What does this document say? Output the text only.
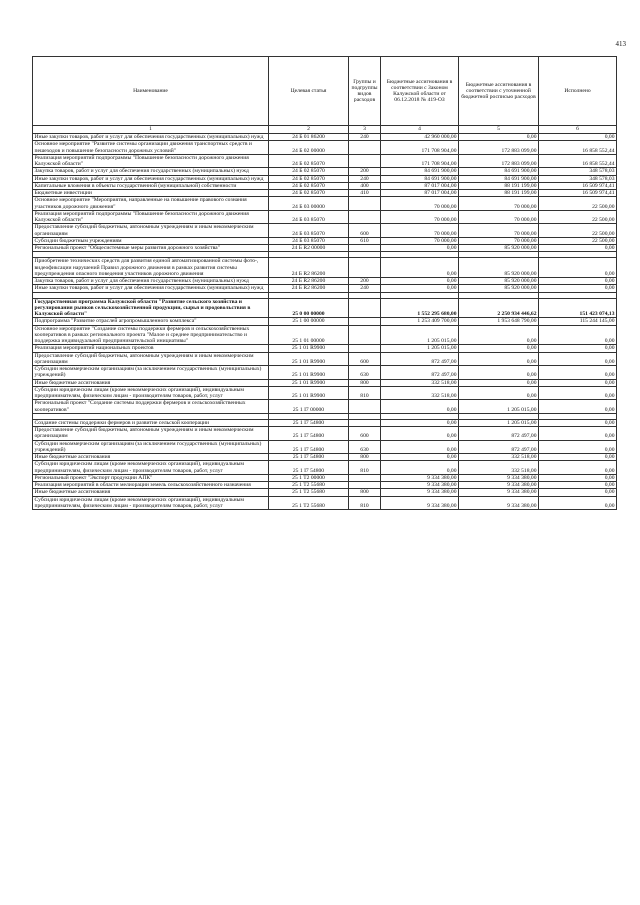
413
Наименование	Целевая статья	Группы и подгруппы видов расходов	Бюджетные ассигнования в соответствии с Законом Калужской области от 06.12.2018 № 419-ОЗ	Бюджетные ассигнования в соответствии с уточненной бюджетной росписью расходов	Исполнено
1	2	3	4	5	6
Иные закупки товаров, работ и услуг для обеспечения государственных (муниципальных) нужд	24 Б 01 86200	240	42 960 000,00	0,00	0,00
Основное мероприятие "Развитие системы организации движения транспортных средств и пешеходов и повышение безопасности дорожных условий"	24 Б 02 00000		171 708 904,00	172 883 099,00	16 858 552,44
Реализация мероприятий подпрограммы "Повышение безопасности дорожного движения Калужской области"	24 Б 02 85070		171 708 904,00	172 883 099,00	16 858 552,44
Закупка товаров, работ и услуг для обеспечения государственных (муниципальных) нужд	24 Б 02 85070	200	84 691 900,00	84 691 900,00	348 578,03
Иные закупки товаров, работ и услуг для обеспечения государственных (муниципальных) нужд	24 Б 02 85070	240	84 691 900,00	84 691 900,00	348 578,03
Капитальные вложения в объекты государственной (муниципальной) собственности	24 Б 02 85070	400	87 017 004,00	88 191 199,00	16 509 974,41
Бюджетные инвестиции	24 Б 02 85070	410	87 017 004,00	88 191 199,00	16 509 974,41
Основное мероприятие "Мероприятия, направленные на повышение правового сознания участников дорожного движения"	24 Б 03 00000		70 000,00	70 000,00	22 500,00
Реализация мероприятий подпрограммы "Повышение безопасности дорожного движения Калужской области"	24 Б 03 85070		70 000,00	70 000,00	22 500,00
Предоставление субсидий бюджетным, автономным учреждениям и иным некоммерческим организациям	24 Б 03 85070	600	70 000,00	70 000,00	22 500,00
Субсидии бюджетным учреждениям	24 Б 03 85070	610	70 000,00	70 000,00	22 500,00
Региональный проект "Общесистемные меры развития дорожного хозяйства"	24 Б R2 00000		0,00	85 920 000,00	0,00

Приобретение технических средств для развития единой автоматизированной системы фото-, видеофиксации нарушений Правил дорожного движения в рамках развития системы предупреждения опасного поведения участников дорожного движения	24 Б R2 86200		0,00	85 920 000,00	0,00
Закупка товаров, работ и услуг для обеспечения государственных (муниципальных) нужд	24 Б R2 86200	200	0,00	85 920 000,00	0,00
Иные закупки товаров, работ и услуг для обеспечения государственных (муниципальных) нужд	24 Б R2 86200	240	0,00	85 920 000,00	0,00

Государственная программа Калужской области "Развитие сельского хозяйства и регулирования рынков сельскохозяйственной продукции, сырья и продовольствия в Калужской области"	25 0 00 00000		1 552 295 680,00	2 250 934 446,62	151 423 074,13
Подпрограмма "Развитие отраслей агропромышленного комплекса"	25 1 00 00000		1 253 409 700,00	1 953 648 790,00	115 244 145,00
Основное мероприятие "Создание системы поддержки фермеров и сельскохозяйственных кооперативов в рамках регионального проекта "Малое и среднее предпринимательство и поддержка индивидуальной предпринимательской инициативы"	25 1 01 00000		1 205 015,00	0,00	0,00
Реализация мероприятий национальных проектов	25 1 01 R9900		1 205 015,00	0,00	0,00
Предоставление субсидий бюджетным, автономным учреждениям и иным некоммерческим организациям	25 1 01 R9900	600	872 497,00	0,00	0,00
Субсидии некоммерческим организациям (за исключением государственных (муниципальных) учреждений)	25 1 01 R9900	630	872 497,00	0,00	0,00
Иные бюджетные ассигнования	25 1 01 R9900	800	332 518,00	0,00	0,00
Субсидии юридическим лицам (кроме некоммерческих организаций), индивидуальным предпринимателям, физическим лицам - производителям товаров, работ, услуг	25 1 01 R9900	810	332 518,00	0,00	0,00
Региональный проект "Создание системы поддержки фермеров и сельскохозяйственных кооперативов"	25 1 I7 00000		0,00	1 205 015,00	0,00

Создание системы поддержки фермеров и развитие сельской кооперации	25 1 I7 54800		0,00	1 205 015,00	0,00
Предоставление субсидий бюджетным, автономным учреждениям и иным некоммерческим организациям	25 1 I7 54800	600	0,00	872 497,00	0,00
Субсидии некоммерческим организациям (за исключением государственных (муниципальных) учреждений)	25 1 I7 54800	630	0,00	872 497,00	0,00
Иные бюджетные ассигнования	25 1 I7 54800	800	0,00	332 518,00	0,00
Субсидии юридическим лицам (кроме некоммерческих организаций), индивидуальным предпринимателям, физическим лицам - производителям товаров, работ, услуг	25 1 I7 54800	810	0,00	332 518,00	0,00
Региональный проект "Экспорт продукции АПК"	25 1 T2 00000		9 334 380,00	9 334 380,00	0,00
Реализация мероприятий в области мелиорации земель сельскохозяйственного назначения	25 1 T2 55680		9 334 380,00	9 334 380,00	0,00
Иные бюджетные ассигнования	25 1 T2 55680	800	9 334 380,00	9 334 380,00	0,00
Субсидии юридическим лицам (кроме некоммерческих организаций), индивидуальным предпринимателям, физическим лицам - производителям товаров, работ, услуг	25 1 T2 55680	810	9 334 380,00	9 334 380,00	0,00
